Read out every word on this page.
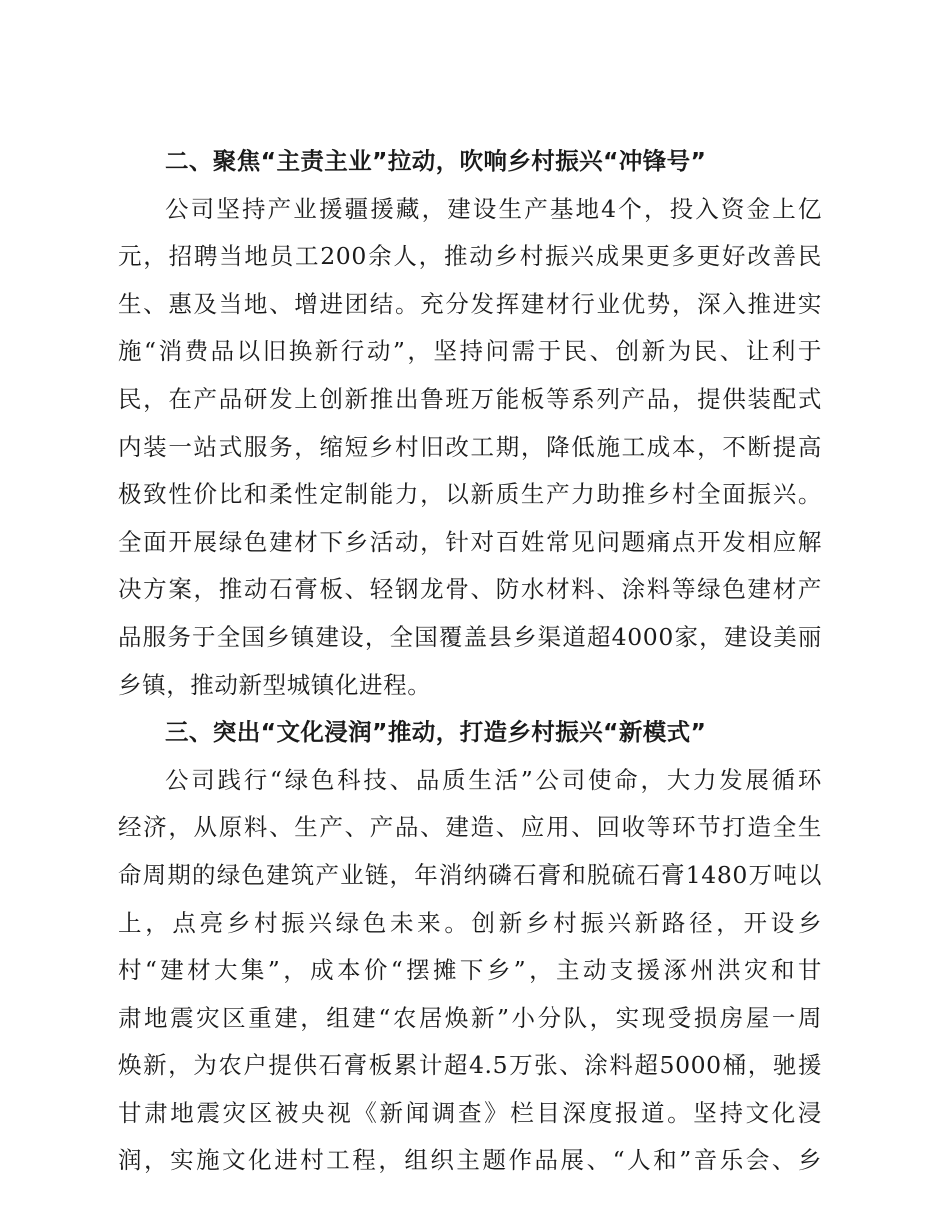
二、聚焦“主责主业”拉动，吹响乡村振兴“冲锋号”
公司坚持产业援疆援藏，建设生产基地4个，投入资金上亿
元，招聘当地员工200余人，推动乡村振兴成果更多更好改善民
生、惠及当地、增进团结。充分发挥建材行业优势，深入推进实
施“消费品以旧换新行动”，坚持问需于民、创新为民、让利于
民，在产品研发上创新推出鲁班万能板等系列产品，提供装配式
内装一站式服务，缩短乡村旧改工期，降低施工成本，不断提高
极致性价比和柔性定制能力，以新质生产力助推乡村全面振兴。
全面开展绿色建材下乡活动，针对百姓常见问题痛点开发相应解
决方案，推动石膏板、轻钢龙骨、防水材料、涂料等绿色建材产
品服务于全国乡镇建设，全国覆盖县乡渠道超4000家，建设美丽
乡镇，推动新型城镇化进程。
三、突出“文化浸润”推动，打造乡村振兴“新模式”
公司践行“绿色科技、品质生活”公司使命，大力发展循环
经济，从原料、生产、产品、建造、应用、回收等环节打造全生
命周期的绿色建筑产业链，年消纳磷石膏和脱硫石膏1480万吨以
上，点亮乡村振兴绿色未来。创新乡村振兴新路径，开设乡
村“建材大集”，成本价“摆摊下乡”，主动支援涿州洪灾和甘
肃地震灾区重建，组建“农居焕新”小分队，实现受损房屋一周
焕新，为农户提供石膏板累计超4.5万张、涂料超5000桶，驰援
甘肃地震灾区被央视《新闻调查》栏目深度报道。坚持文化浸
润，实施文化进村工程，组织主题作品展、“人和”音乐会、乡
